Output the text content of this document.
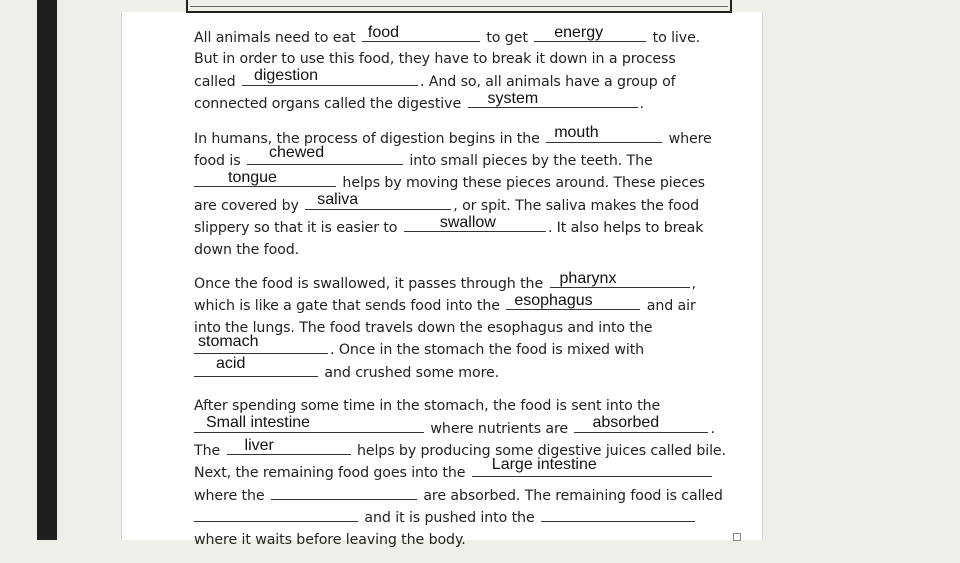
All animals need to eat food	to get energy	to live.
But in order to use this food, they have to break it down in a process
called digestion	. And so, all animals have a group of
connected organs called the digestive system	.
In humans, the process of digestion begins in the mouth	where
food is
chewed
into small pieces by the teeth. The
tongue	helps by moving these pieces around. These pieces
are covered by saliva	, or spit. The saliva makes the food
slippery so that it is easier to	swallow	. It also helps to break
down the food.
Once the food is swallowed, it passes through the pharynx	,
which is like a gate that sends food into the esophagus	and air
into the lungs. The food travels down the esophagus and into the
stomach
. Once in the stomach the food is mixed with
acid
and crushed some more.
After spending some time in the stomach, the food is sent into the
Small intestine	where nutrients are absorbed	.
The liver	helps by producing some digestive juices called bile.
Next, the remaining food goes into the
Large intestine
where the	are absorbed. The remaining food is called
and it is pushed into the
where it waits before leaving the body.
